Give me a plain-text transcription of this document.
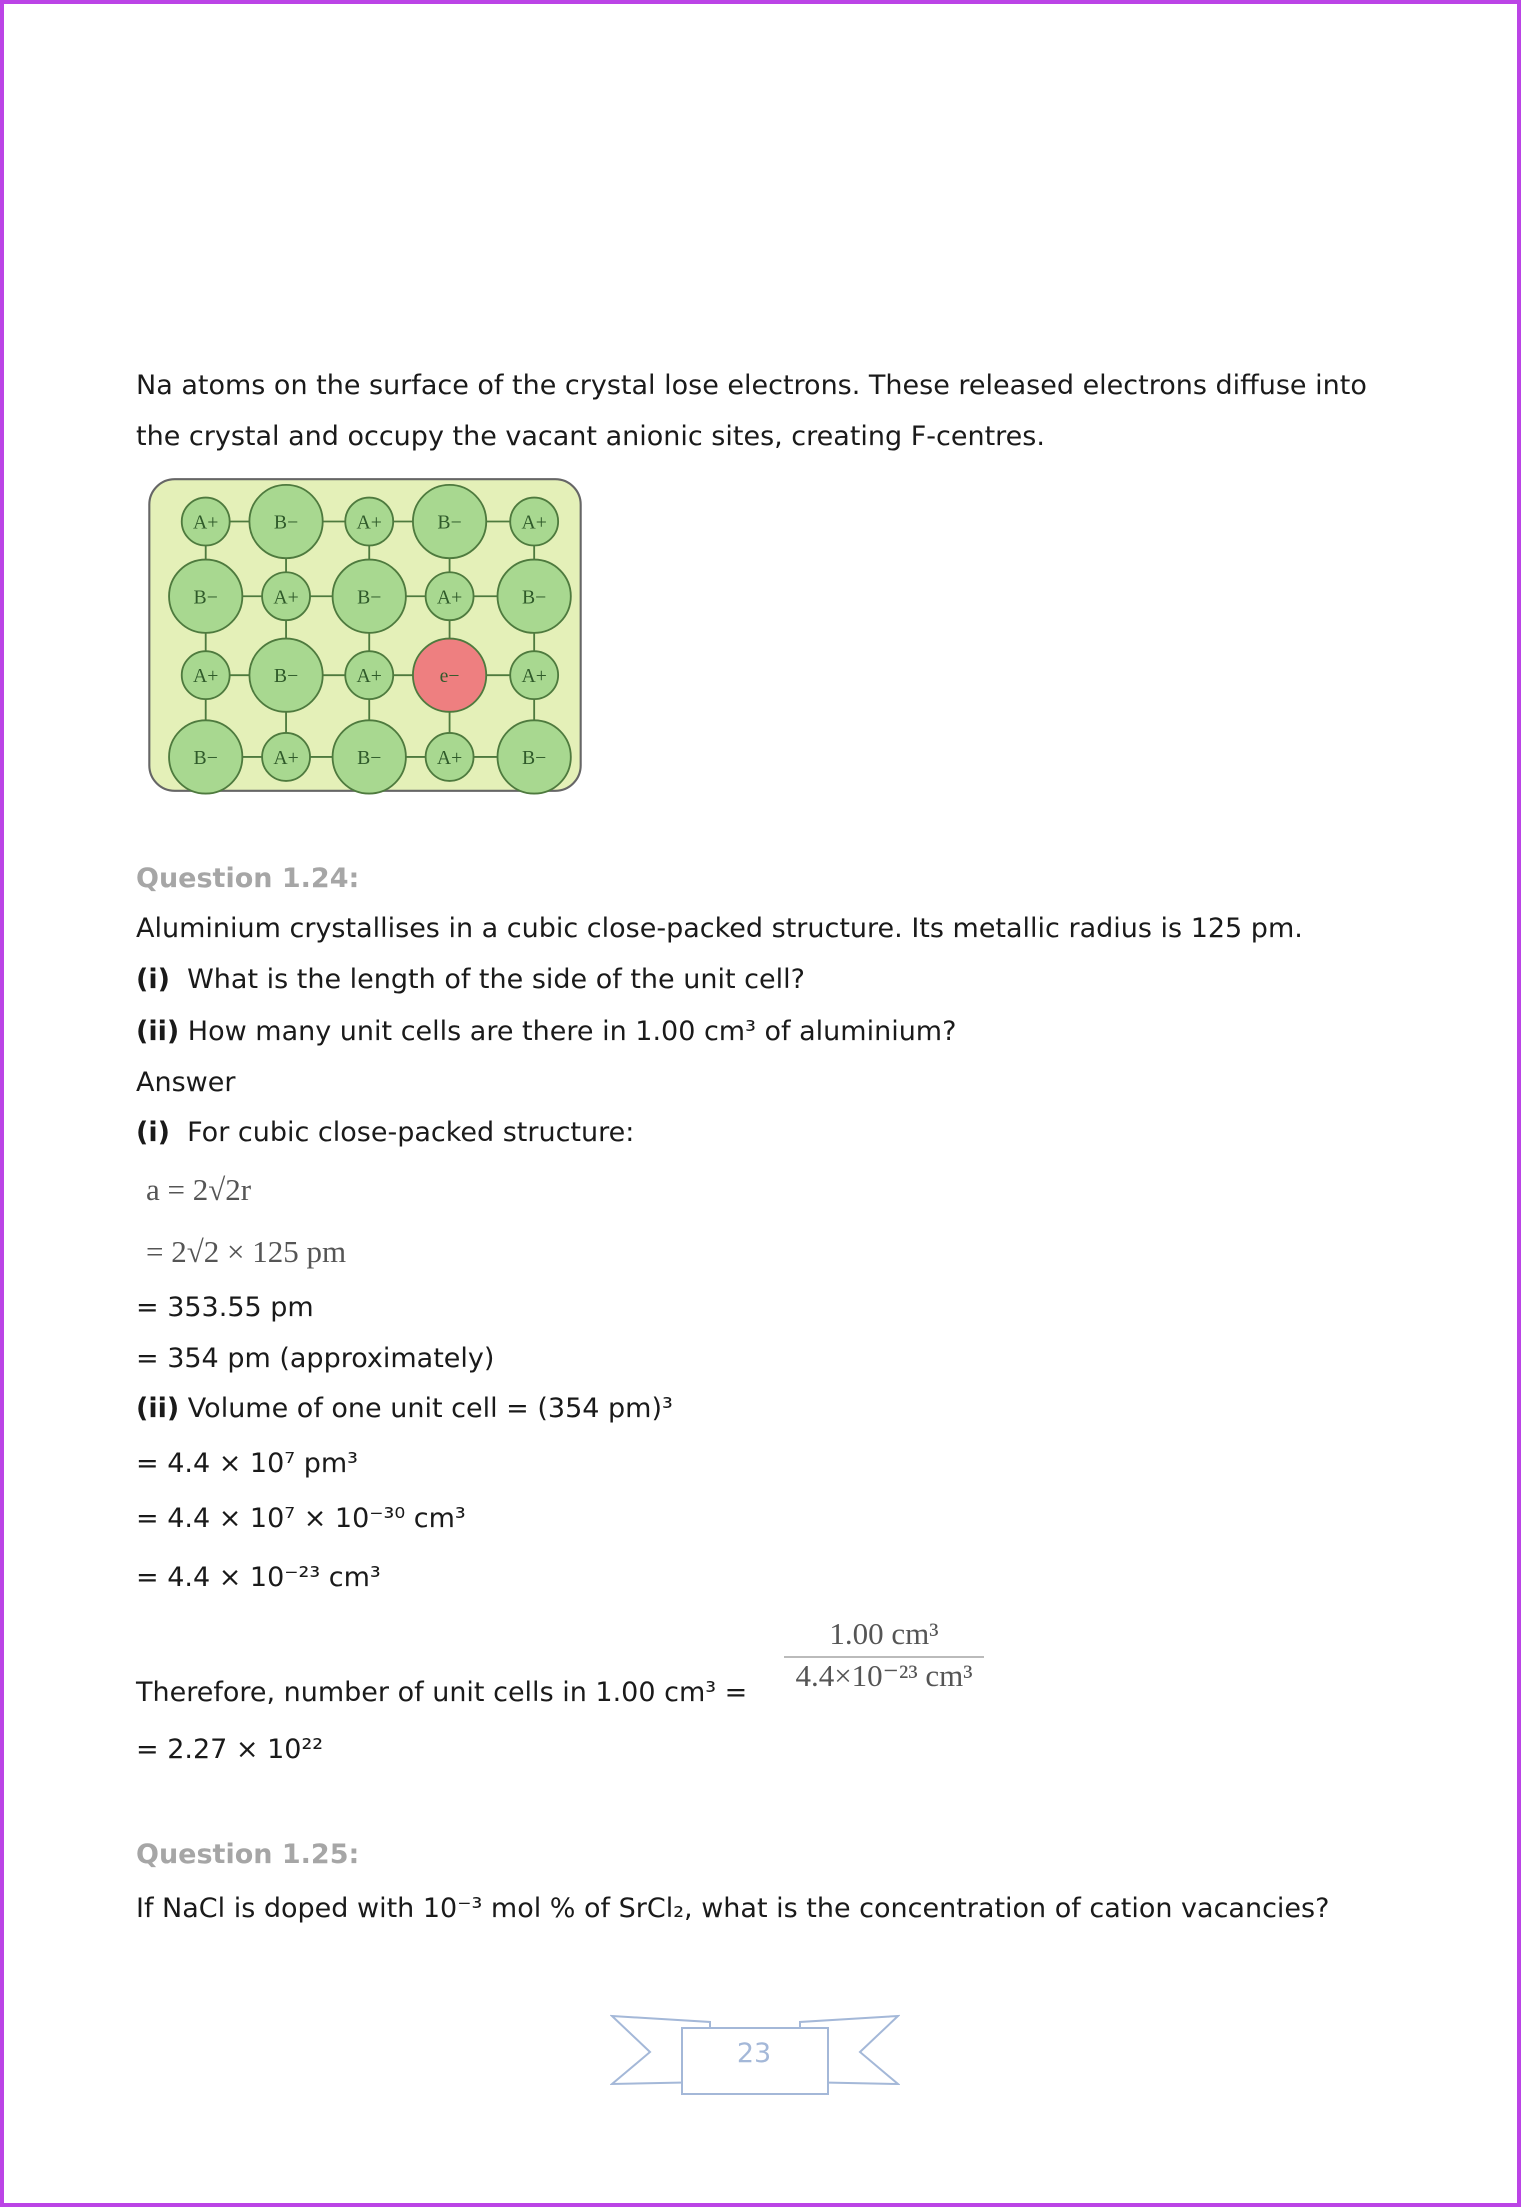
Na atoms on the surface of the crystal lose electrons. These released electrons diffuse into
the crystal and occupy the vacant anionic sites, creating F-centres.
A+	B−	A+	B−	A+
B−	A+	B−	A+	B−
A+	B−	A+	e−	A+
B−	A+	B−	A+	B−
Question 1.24:
Aluminium crystallises in a cubic close-packed structure. Its metallic radius is 125 pm.
(i) What is the length of the side of the unit cell?
(ii) How many unit cells are there in 1.00 cm³ of aluminium?
Answer
(i) For cubic close-packed structure:
a = 2√2r
= 2√2 × 125 pm
= 353.55 pm
= 354 pm (approximately)
(ii) Volume of one unit cell = (354 pm)³
= 4.4 × 10⁷ pm³
= 4.4 × 10⁷ × 10⁻³⁰ cm³
= 4.4 × 10⁻²³ cm³
Therefore, number of unit cells in 1.00 $cm^3 = \frac{\text{1.00 cm³}}{\text{4.4×10⁻²³ cm³}}$
= 2.27 × 10²²
Question 1.25:
If NaCl is doped with 10⁻³ mol % of SrCl₂, what is the concentration of cation vacancies?
23
